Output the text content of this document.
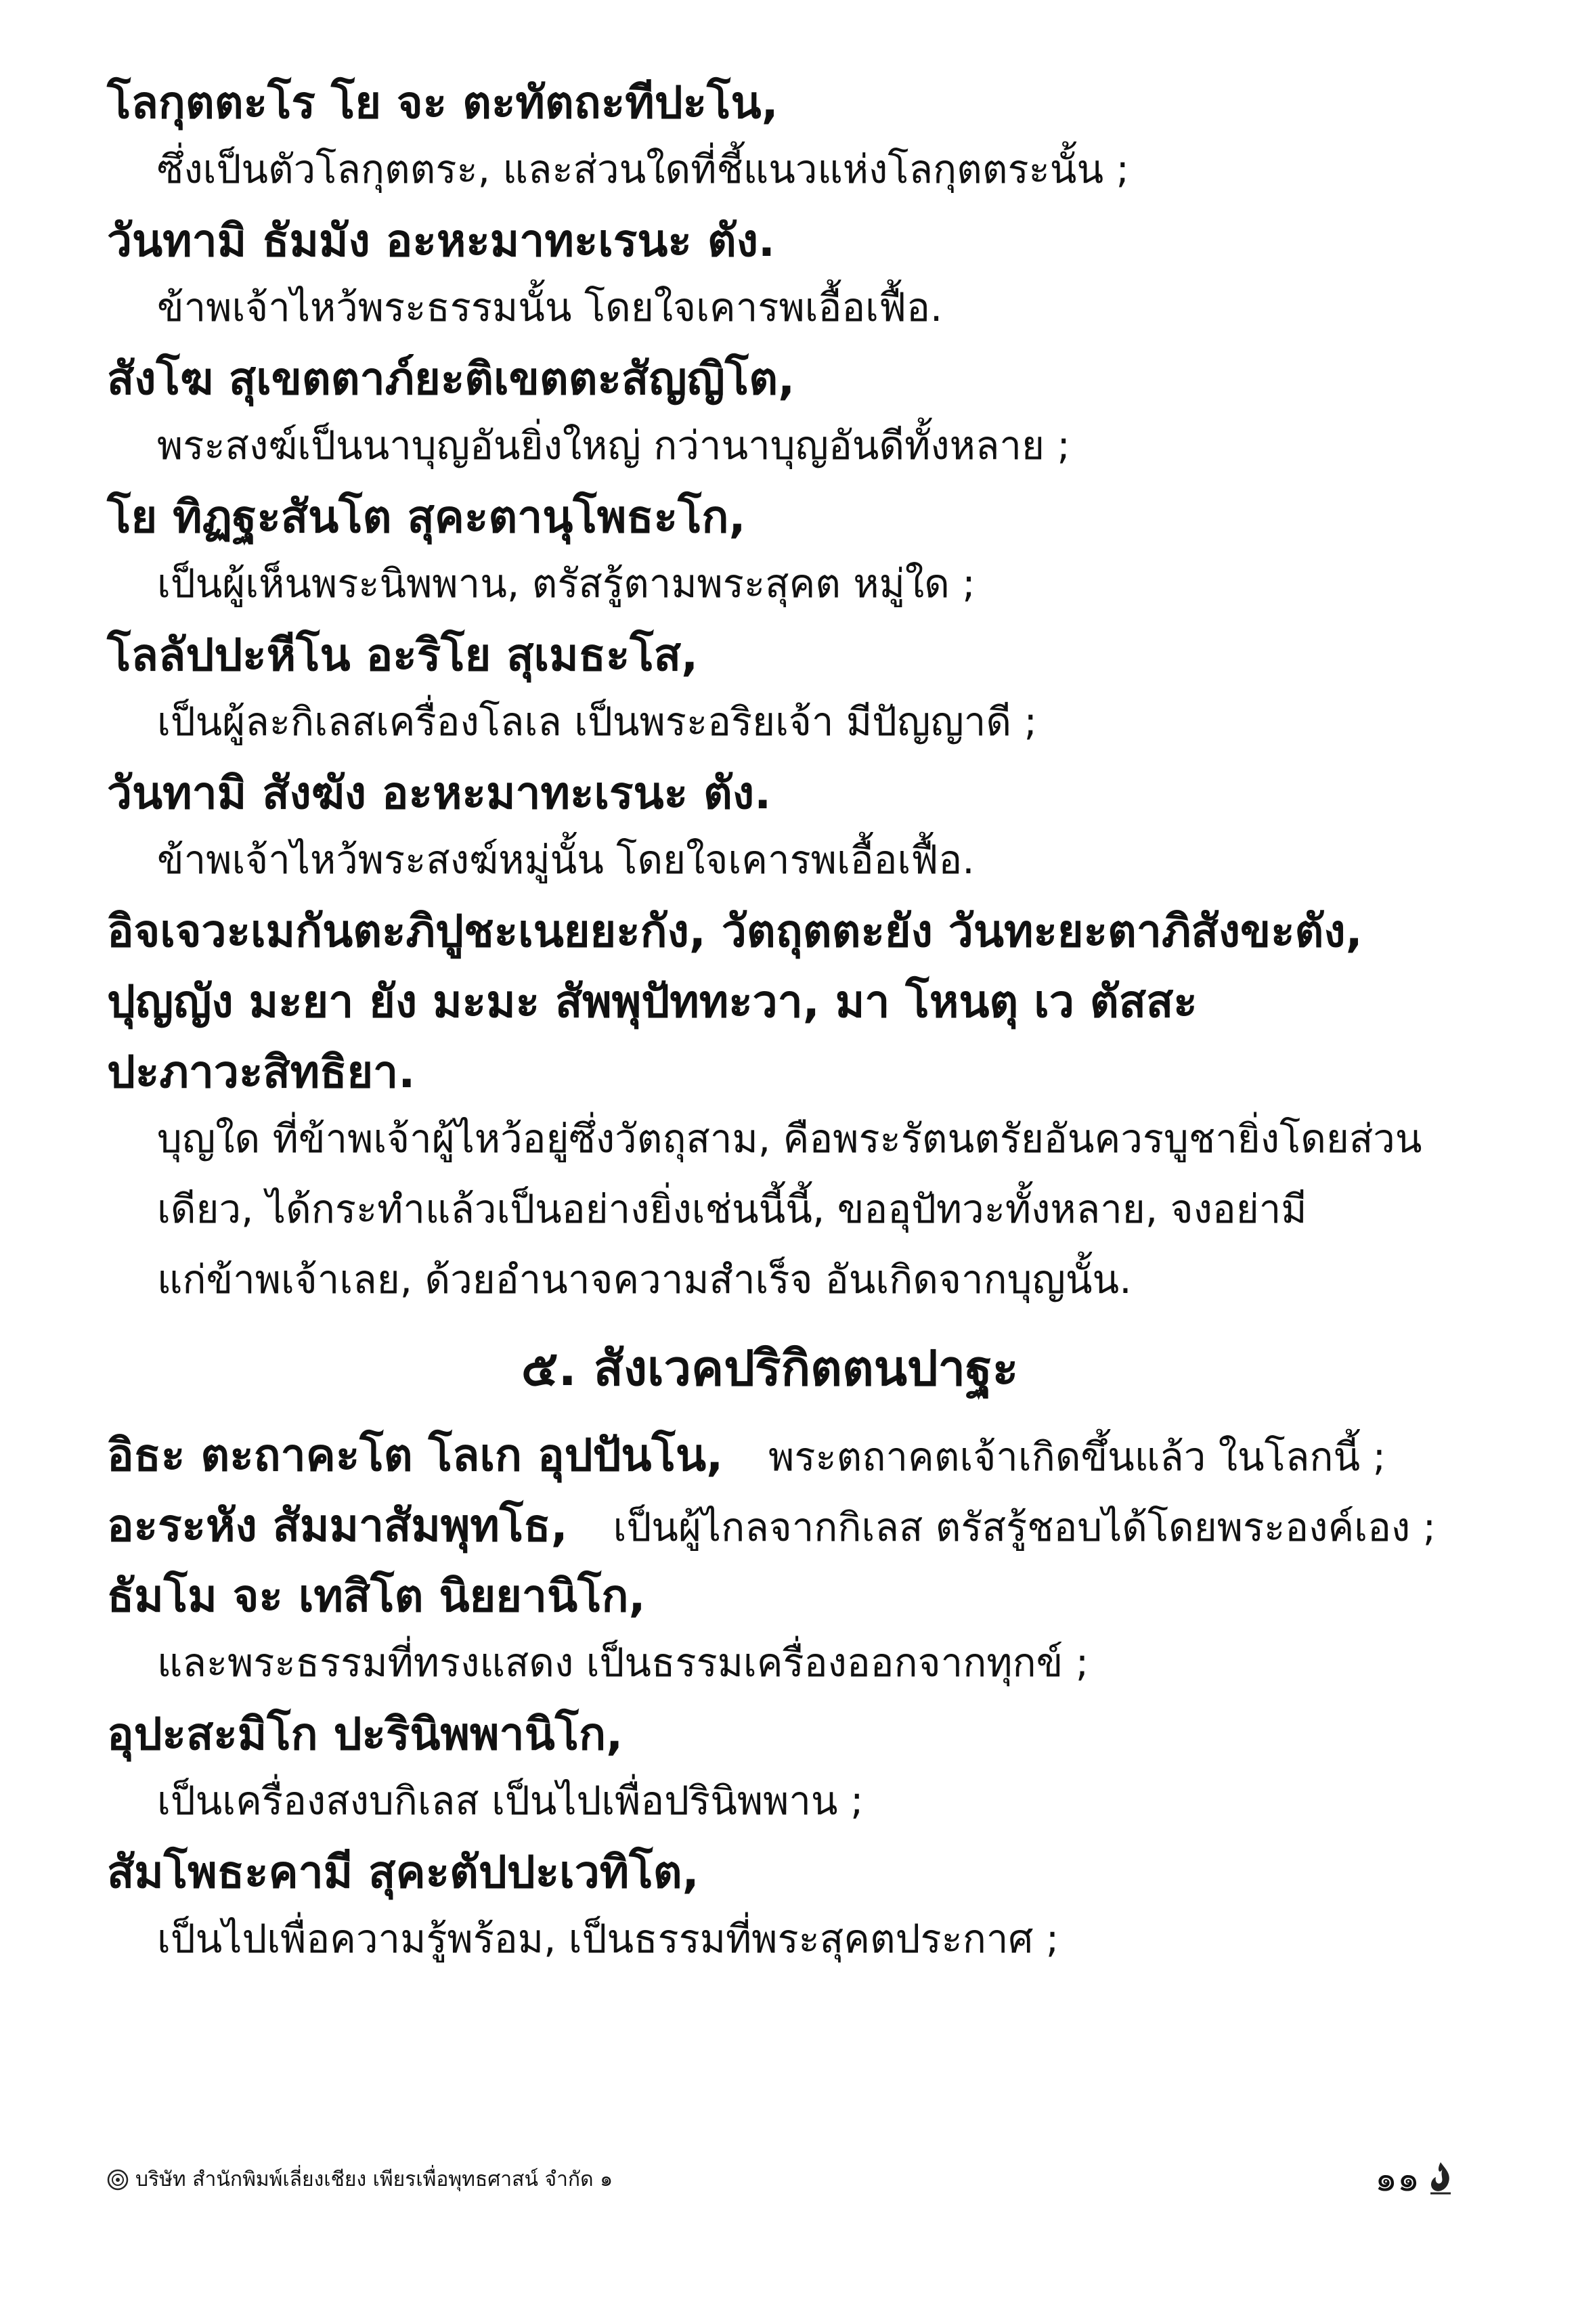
โลกุตตะโร โย จะ ตะทัตถะทีปะโน,
ซึ่งเป็นตัวโลกุตตระ, และส่วนใดที่ชี้แนวแห่งโลกุตตระนั้น ;
วันทามิ ธัมมัง อะหะมาทะเรนะ ตัง.
ข้าพเจ้าไหว้พระธรรมนั้น โดยใจเคารพเอื้อเฟื้อ.
สังโฆ สุเขตตาภ์ยะติเขตตะสัญญิโต,
พระสงฆ์เป็นนาบุญอันยิ่งใหญ่ กว่านาบุญอันดีทั้งหลาย ;
โย ทิฏฐะสันโต สุคะตานุโพธะโก,
เป็นผู้เห็นพระนิพพาน, ตรัสรู้ตามพระสุคต หมู่ใด ;
โลลัปปะหีโน อะริโย สุเมธะโส,
เป็นผู้ละกิเลสเครื่องโลเล เป็นพระอริยเจ้า มีปัญญาดี ;
วันทามิ สังฆัง อะหะมาทะเรนะ ตัง.
ข้าพเจ้าไหว้พระสงฆ์หมู่นั้น โดยใจเคารพเอื้อเฟื้อ.
อิจเจวะเมกันตะภิปูชะเนยยะกัง, วัตถุตตะยัง วันทะยะตาภิสังขะตัง,
ปุญญัง มะยา ยัง มะมะ สัพพุปัททะวา, มา โหนตุ เว ตัสสะ
ปะภาวะสิทธิยา.
บุญใด ที่ข้าพเจ้าผู้ไหว้อยู่ซึ่งวัตถุสาม, คือพระรัตนตรัยอันควรบูชายิ่งโดยส่วน
เดียว, ได้กระทำแล้วเป็นอย่างยิ่งเช่นนี้นี้, ขออุปัทวะทั้งหลาย, จงอย่ามี
แก่ข้าพเจ้าเลย, ด้วยอำนาจความสำเร็จ อันเกิดจากบุญนั้น.
๕. สังเวคปริกิตตนปาฐะ
อิธะ ตะถาคะโต โลเก อุปปันโน, พระตถาคตเจ้าเกิดขึ้นแล้ว ในโลกนี้ ;
อะระหัง สัมมาสัมพุทโธ, เป็นผู้ไกลจากกิเลส ตรัสรู้ชอบได้โดยพระองค์เอง ;
ธัมโม จะ เทสิโต นิยยานิโก,
และพระธรรมที่ทรงแสดง เป็นธรรมเครื่องออกจากทุกข์ ;
อุปะสะมิโก ปะรินิพพานิโก,
เป็นเครื่องสงบกิเลส เป็นไปเพื่อปรินิพพาน ;
สัมโพธะคามี สุคะตัปปะเวทิโต,
เป็นไปเพื่อความรู้พร้อม, เป็นธรรมที่พระสุคตประกาศ ;
บริษัท สำนักพิมพ์เลี่ยงเชียง เพียรเพื่อพุทธศาสน์ จำกัด ๑	๑๑
